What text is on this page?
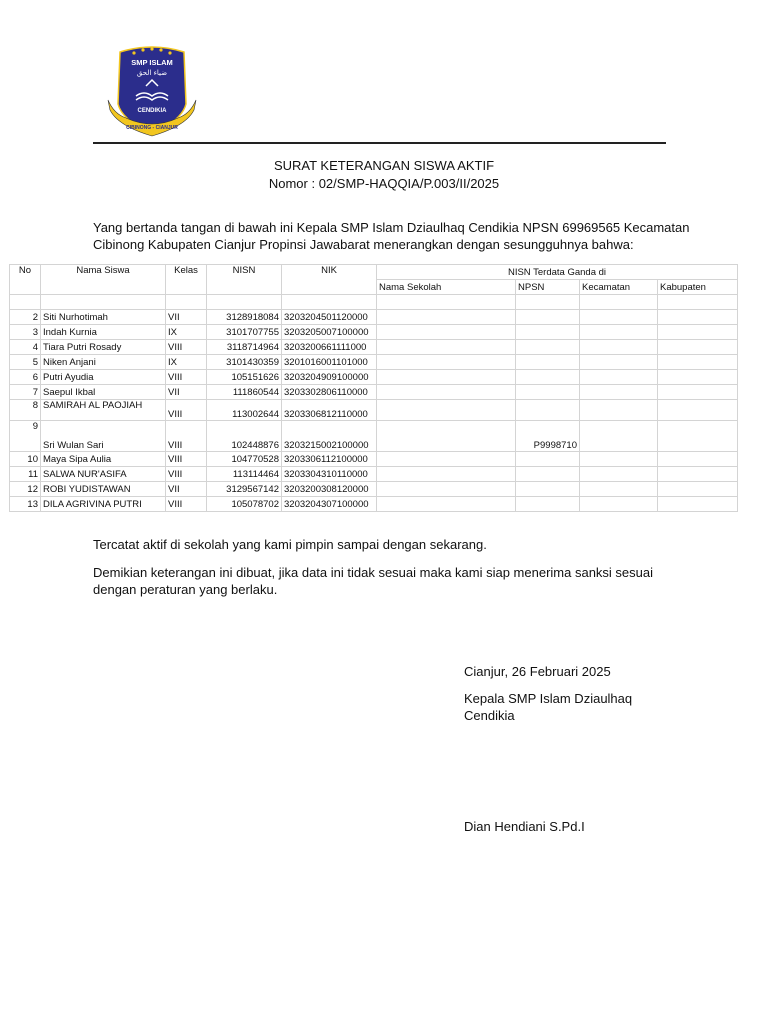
SMP ISLAM
ضياء الحق
CENDIKIA
CIBINONG - CIANJUR
SURAT KETERANGAN SISWA AKTIF
Nomor : 02/SMP-HAQQIA/P.003/II/2025
Yang bertanda tangan di bawah ini Kepala SMP Islam Dziaulhaq Cendikia NPSN 69969565 Kecamatan Cibinong Kabupaten Cianjur Propinsi Jawabarat menerangkan dengan sesungguhnya bahwa:
No	Nama Siswa	Kelas	NISN	NIK	NISN Terdata Ganda di			
					Nama Sekolah	NPSN	Kecamatan	Kabupaten

2	Siti Nurhotimah	VII	3128918084	3203204501120000				
3	Indah Kurnia	IX	3101707755	3203205007100000				
4	Tiara Putri Rosady	VIII	3118714964	3203200661111000				
5	Niken Anjani	IX	3101430359	3201016001101000				
6	Putri Ayudia	VIII	105151626	3203204909100000				
7	Saepul Ikbal	VII	111860544	3203302806110000				
8	SAMIRAH AL PAOJIAH	VIII	113002644	3203306812110000				
9	Sri Wulan Sari	VIII	102448876	3203215002100000		P9998710		
10	Maya Sipa Aulia	VIII	104770528	3203306112100000				
11	SALWA NUR'ASIFA	VIII	113114464	3203304310110000				
12	ROBI YUDISTAWAN	VII	3129567142	3203200308120000				
13	DILA AGRIVINA PUTRI	VIII	105078702	3203204307100000				
Tercatat aktif di sekolah yang kami pimpin sampai dengan sekarang.
Demikian keterangan ini dibuat, jika data ini tidak sesuai maka kami siap menerima sanksi sesuai dengan peraturan yang berlaku.
Cianjur, 26 Februari 2025
Kepala SMP Islam Dziaulhaq Cendikia
Dian Hendiani S.Pd.I
